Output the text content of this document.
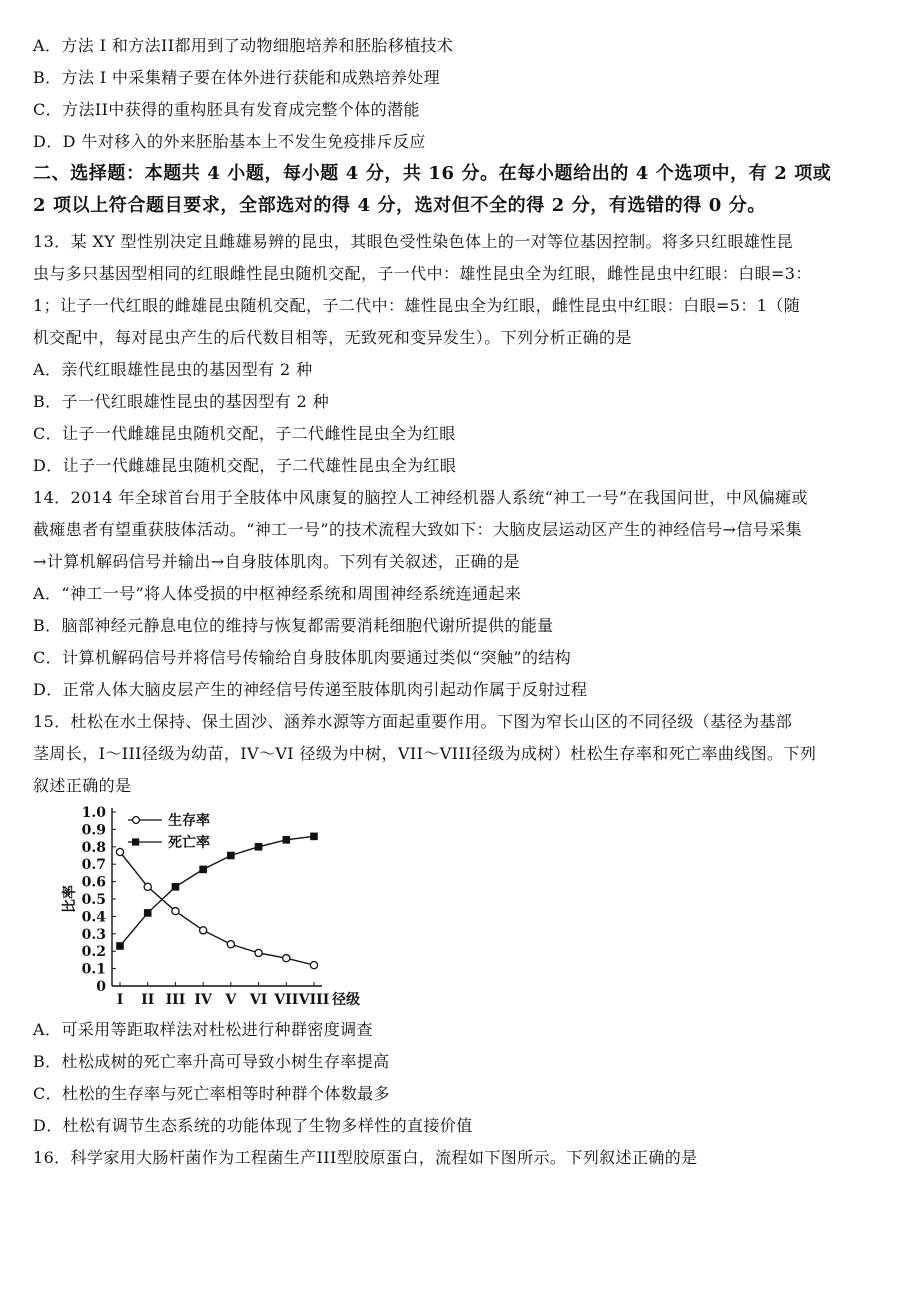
A．方法 I 和方法II都用到了动物细胞培养和胚胎移植技术
B．方法 I 中采集精子要在体外进行获能和成熟培养处理
C．方法II中获得的重构胚具有发育成完整个体的潜能
D．D 牛对移入的外来胚胎基本上不发生免疫排斥反应
二、选择题：本题共 4 小题，每小题 4 分，共 16 分。在每小题给出的 4 个选项中，有 2 项或
2 项以上符合题目要求，全部选对的得 4 分，选对但不全的得 2 分，有选错的得 0 分。
13．某 XY 型性别决定且雌雄易辨的昆虫，其眼色受性染色体上的一对等位基因控制。将多只红眼雄性昆
虫与多只基因型相同的红眼雌性昆虫随机交配，子一代中：雄性昆虫全为红眼，雌性昆虫中红眼：白眼=3：
1；让子一代红眼的雌雄昆虫随机交配，子二代中：雄性昆虫全为红眼，雌性昆虫中红眼：白眼=5：1（随
机交配中，每对昆虫产生的后代数目相等，无致死和变异发生）。下列分析正确的是
A．亲代红眼雄性昆虫的基因型有 2 种
B．子一代红眼雄性昆虫的基因型有 2 种
C．让子一代雌雄昆虫随机交配，子二代雌性昆虫全为红眼
D．让子一代雌雄昆虫随机交配，子二代雄性昆虫全为红眼
14．2014 年全球首台用于全肢体中风康复的脑控人工神经机器人系统“神工一号”在我国问世，中风偏瘫或
截瘫患者有望重获肢体活动。“神工一号”的技术流程大致如下：大脑皮层运动区产生的神经信号→信号采集
→计算机解码信号并输出→自身肢体肌肉。下列有关叙述，正确的是
A．“神工一号”将人体受损的中枢神经系统和周围神经系统连通起来
B．脑部神经元静息电位的维持与恢复都需要消耗细胞代谢所提供的能量
C．计算机解码信号并将信号传输给自身肢体肌肉要通过类似“突触”的结构
D．正常人体大脑皮层产生的神经信号传递至肢体肌肉引起动作属于反射过程
15．杜松在水土保持、保土固沙、涵养水源等方面起重要作用。下图为窄长山区的不同径级（基径为基部
茎周长，I～III径级为幼苗，IV～VI 径级为中树，VII～VIII径级为成树）杜松生存率和死亡率曲线图。下列
叙述正确的是
0
0.1
0.2
0.3
0.4
0.5
0.6
0.7
0.8
0.9
1.0
I II III IV V VI VII VIII
生存率
死亡率
比率
径级
A．可采用等距取样法对杜松进行种群密度调查
B．杜松成树的死亡率升高可导致小树生存率提高
C．杜松的生存率与死亡率相等时种群个体数最多
D．杜松有调节生态系统的功能体现了生物多样性的直接价值
16．科学家用大肠杆菌作为工程菌生产III型胶原蛋白，流程如下图所示。下列叙述正确的是
